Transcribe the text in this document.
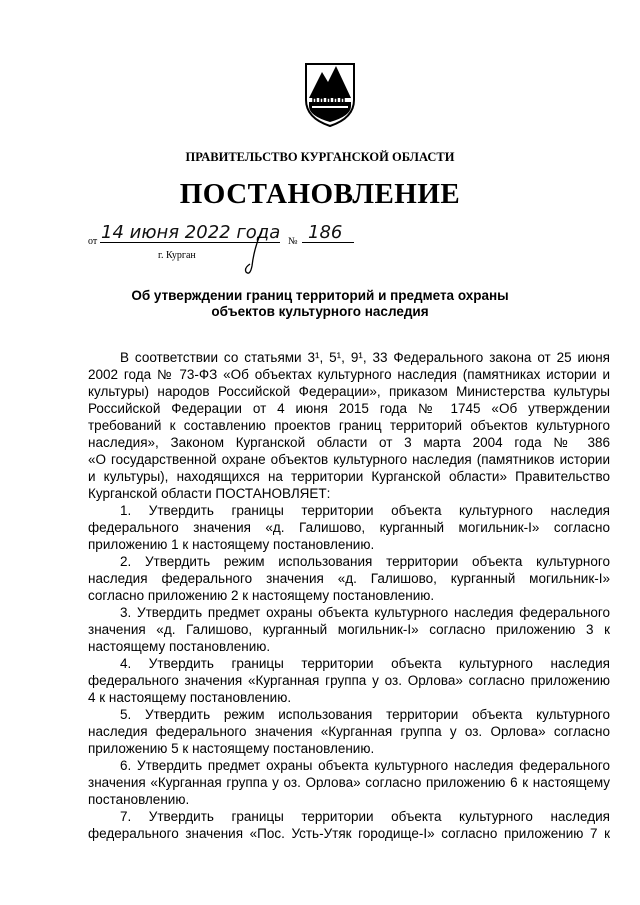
ПРАВИТЕЛЬСТВО КУРГАНСКОЙ ОБЛАСТИ
ПОСТАНОВЛЕНИЕ
от 14 июня 2022 года № 186
г. Курган
Об утверждении границ территорий и предмета охраны
объектов культурного наследия
В соответствии со статьями 3¹, 5¹, 9¹, 33 Федерального закона от 25 июня
2002 года № 73-ФЗ «Об объектах культурного наследия (памятниках истории и
культуры) народов Российской Федерации», приказом Министерства культуры
Российской Федерации от 4 июня 2015 года № 1745 «Об утверждении
требований к составлению проектов границ территорий объектов культурного
наследия», Законом Курганской области от 3 марта 2004 года № 386
«О государственной охране объектов культурного наследия (памятников истории
и культуры), находящихся на территории Курганской области» Правительство
Курганской области ПОСТАНОВЛЯЕТ:
1. Утвердить границы территории объекта культурного наследия
федерального значения «д. Галишово, курганный могильник-I» согласно
приложению 1 к настоящему постановлению.
2. Утвердить режим использования территории объекта культурного
наследия федерального значения «д. Галишово, курганный могильник-I»
согласно приложению 2 к настоящему постановлению.
3. Утвердить предмет охраны объекта культурного наследия федерального
значения «д. Галишово, курганный могильник-I» согласно приложению 3 к
настоящему постановлению.
4. Утвердить границы территории объекта культурного наследия
федерального значения «Курганная группа у оз. Орлова» согласно приложению
4 к настоящему постановлению.
5. Утвердить режим использования территории объекта культурного
наследия федерального значения «Курганная группа у оз. Орлова» согласно
приложению 5 к настоящему постановлению.
6. Утвердить предмет охраны объекта культурного наследия федерального
значения «Курганная группа у оз. Орлова» согласно приложению 6 к настоящему
постановлению.
7. Утвердить границы территории объекта культурного наследия
федерального значения «Пос. Усть-Утяк городище-I» согласно приложению 7 к
